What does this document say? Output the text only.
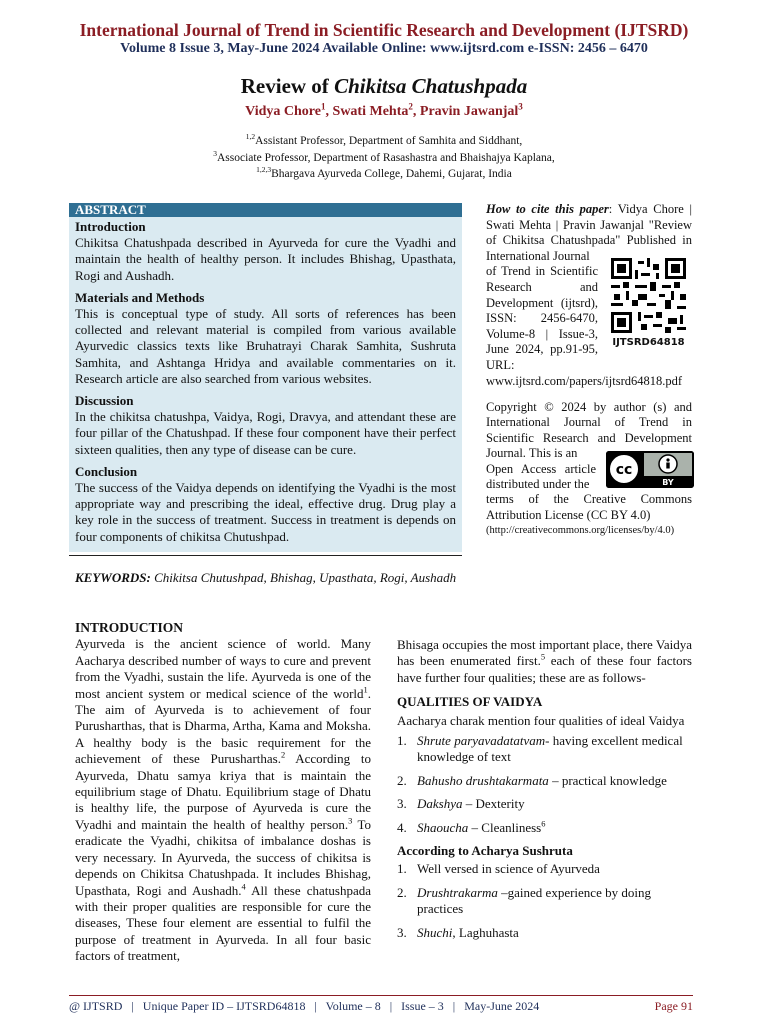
International Journal of Trend in Scientific Research and Development (IJTSRD)
Volume 8 Issue 3, May-June 2024 Available Online: www.ijtsrd.com e-ISSN: 2456 – 6470
Review of Chikitsa Chatushpada
Vidya Chore$^1$, Swati Mehta$^2$, Pravin Jawanjal$^3$
$^{1,2}$Assistant Professor, Department of Samhita and Siddhant,
$^3$Associate Professor, Department of Rasashastra and Bhaishajya Kaplana,
$^{1,2,3}$Bhargava Ayurveda College, Dahemi, Gujarat, India
ABSTRACT
Introduction

Chikitsa Chatushpada described in Ayurveda for cure the Vyadhi and maintain the health of healthy person. It includes Bhishag, Upasthata, Rogi and Aushadh.

Materials and Methods

This is conceptual type of study. All sorts of references has been collected and relevant material is compiled from various available Ayurvedic classics texts like Bruhatrayi Charak Samhita, Sushruta Samhita, and Ashtanga Hridya and available commentaries on it. Research article are also searched from various websites.

Discussion

In the chikitsa chatushpa, Vaidya, Rogi, Dravya, and attendant these are four pillar of the Chatushpad. If these four component have their perfect sixteen qualities, then any type of disease can be cure.

Conclusion

The success of the Vaidya depends on identifying the Vyadhi is the most appropriate way and prescribing the ideal, effective drug. Drug play a key role in the success of treatment. Success in treatment is depends on four components of chikitsa Chutushpad.

KEYWORDS: Chikitsa Chutushpad, Bhishag, Upasthata, Rogi, Aushadh
How to cite this paper: Vidya Chore | Swati Mehta | Pravin Jawanjal "Review of Chikitsa Chatushpada" Published in International Journal
of Trend in Scientific Research and Development (ijtsrd), ISSN: 2456-6470, Volume-8 | Issue-3, June 2024, pp.91-95, URL:
www.ijtsrd.com/papers/ijtsrd64818.pdf
IJTSRD64818
Copyright © 2024 by author (s) and International Journal of Trend in Scientific Research and Development Journal. This is an
Open Access article distributed under the
terms of the Creative Commons Attribution License (CC BY 4.0)
(http://creativecommons.org/licenses/by/4.0)
cc
BY
INTRODUCTION
Ayurveda is the ancient science of world. Many Aacharya described number of ways to cure and prevent from the Vyadhi, sustain the life. Ayurveda is one of the most ancient system or medical science of the world$^1$. The aim of Ayurveda is to achievement of four Purusharthas, that is Dharma, Artha, Kama and Moksha. A healthy body is the basic requirement for the achievement of these Purusharthas.$^2$ According to Ayurveda, Dhatu samya kriya that is maintain the equilibrium stage of Dhatu. Equilibrium stage of Dhatu is healthy life, the purpose of Ayurveda is cure the Vyadhi and maintain the health of healthy person.$^3$ To eradicate the Vyadhi, chikitsa of imbalance doshas is very necessary. In Ayurveda, the success of chikitsa is depends on Chikitsa Chatushpada. It includes Bhishag, Upasthata, Rogi and Aushadh.$^4$ All these chatushpada with their proper qualities are responsible for cure the diseases, These four element are essential to fulfil the purpose of treatment in Ayurveda. In all four basic factors of treatment,

Bhisaga occupies the most important place, there Vaidya has been enumerated first.$^5$ each of these four factors have further four qualities; these are as follows-

QUALITIES OF VAIDYA

Aacharya charak mention four qualities of ideal Vaidya

1. Shrute paryavadatatvam- having excellent medical knowledge of text
2. Bahusho drushtakarmata – practical knowledge
3. Dakshya – Dexterity
4. Shaoucha – Cleanliness$^6$
According to Acharya Sushruta
1. Well versed in science of Ayurveda
2. Drushtrakarma –gained experience by doing practices
3. Shuchi, Laghuhasta
@ IJTSRD   |   Unique Paper ID – IJTSRD64818   |   Volume – 8   |   Issue – 3   |   May-June 2024	Page 91
